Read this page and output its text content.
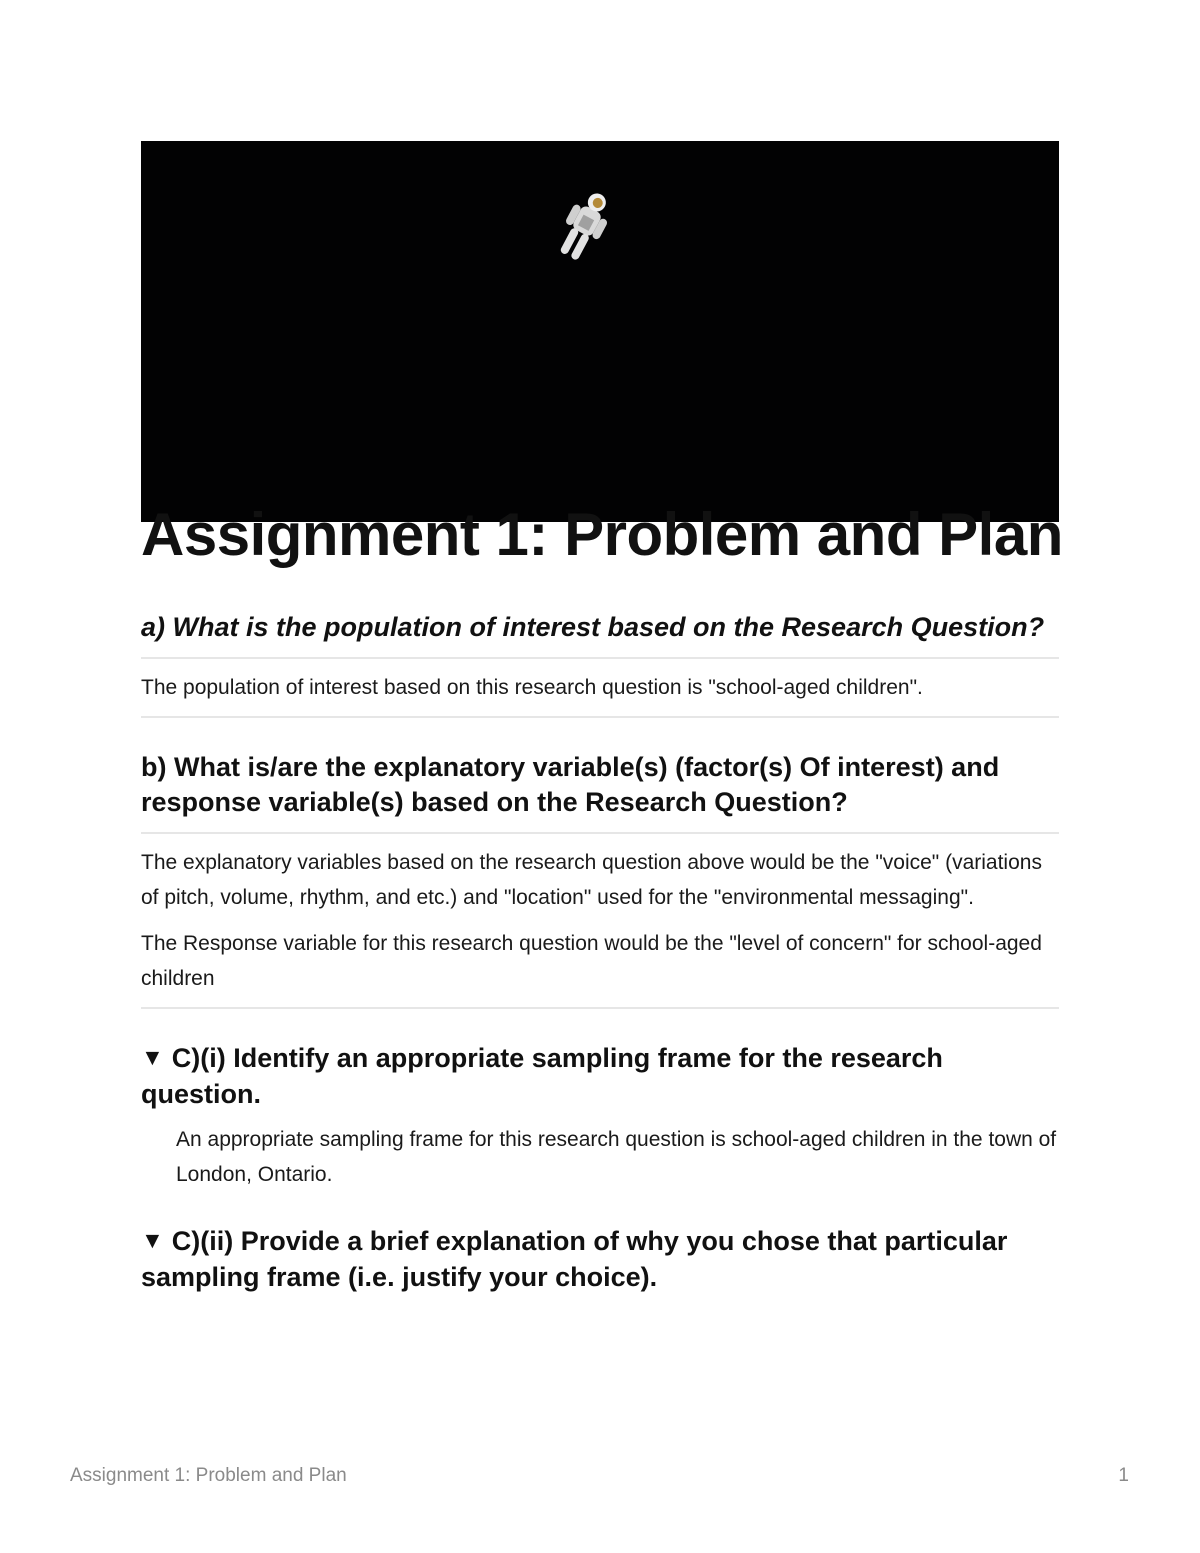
Assignment 1: Problem and Plan
a) What is the population of interest based on the Research Question?

The population of interest based on this research question is "school-aged children".

b) What is/are the explanatory variable(s) (factor(s) Of interest) and response variable(s) based on the Research Question?

The explanatory variables based on the research question above would be the "voice" (variations of pitch, volume, rhythm, and etc.) and "location" used for the "environmental messaging".

The Response variable for this research question would be the "level of concern" for school-aged children

▼ C)(i) Identify an appropriate sampling frame for the research question.
An appropriate sampling frame for this research question is school-aged children in the town of London, Ontario.
▼ C)(ii) Provide a brief explanation of why you chose that particular sampling frame (i.e. justify your choice).
Assignment 1: Problem and Plan	1
